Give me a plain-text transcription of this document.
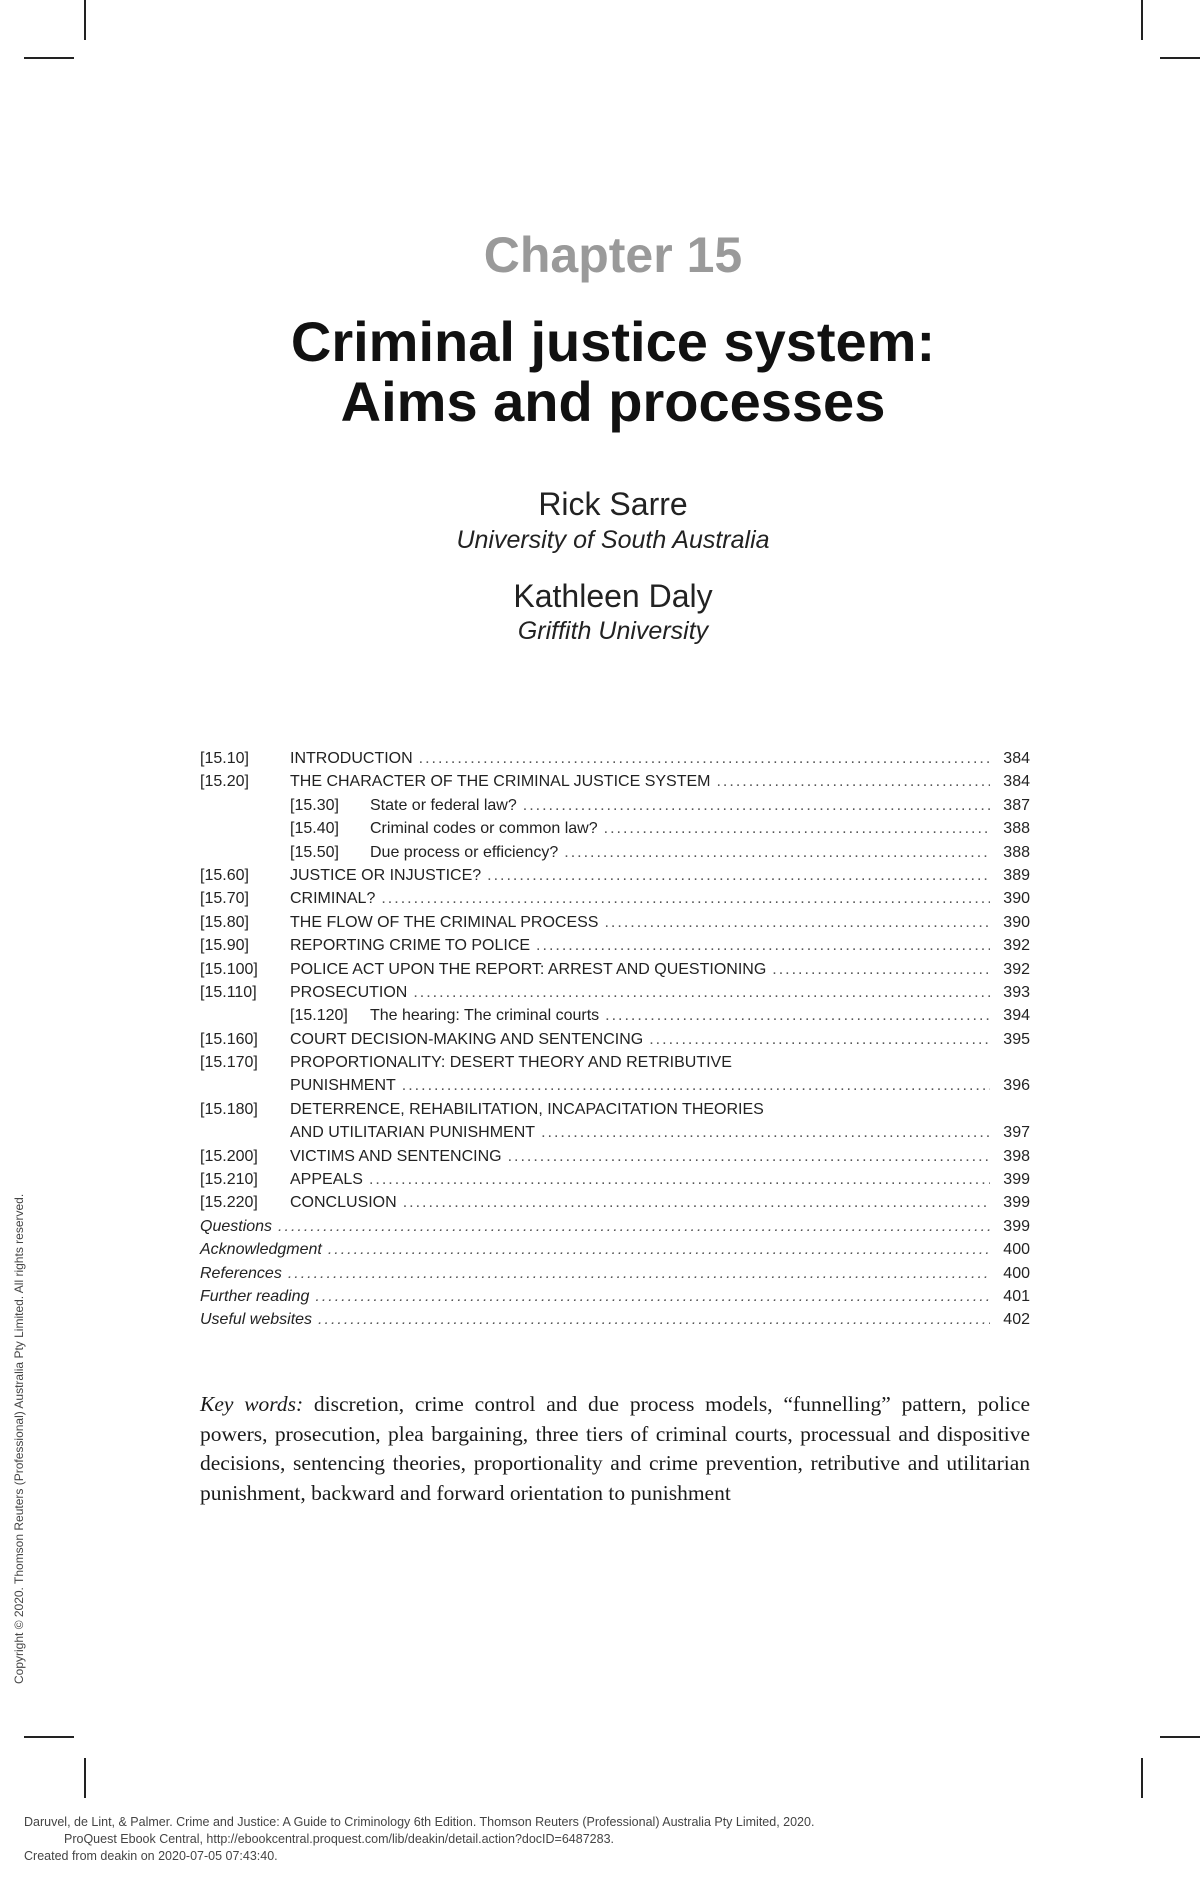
Chapter 15
Criminal justice system:
Aims and processes
Rick Sarre
University of South Australia
Kathleen Daly
Griffith University
[15.10]	INTRODUCTION .....	384
[15.20]	THE CHARACTER OF THE CRIMINAL JUSTICE SYSTEM .....	384
[15.30] State or federal law? .....	387
[15.40] Criminal codes or common law? .....	388
[15.50] Due process or efficiency? .....	388
[15.60]	JUSTICE OR INJUSTICE? .....	389
[15.70]	CRIMINAL? .....	390
[15.80]	THE FLOW OF THE CRIMINAL PROCESS .....	390
[15.90]	REPORTING CRIME TO POLICE .....	392
[15.100] POLICE ACT UPON THE REPORT: ARREST AND QUESTIONING .....	392
[15.110] PROSECUTION .....	393
[15.120] The hearing: The criminal courts .....	394
[15.160] COURT DECISION-MAKING AND SENTENCING .....	395
[15.170] PROPORTIONALITY: DESERT THEORY AND RETRIBUTIVE
PUNISHMENT .....	396
[15.180] DETERRENCE, REHABILITATION, INCAPACITATION THEORIES
AND UTILITARIAN PUNISHMENT .....	397
[15.200] VICTIMS AND SENTENCING .....	398
[15.210] APPEALS .....	399
[15.220] CONCLUSION .....	399
Questions .....	399
Acknowledgment .....	400
References .....	400
Further reading .....	401
Useful websites .....	402
Key words: discretion, crime control and due process models, “funnelling” pattern, police powers, prosecution, plea bargaining, three tiers of criminal courts, processual and dispositive decisions, sentencing theories, proportionality and crime prevention, retributive and utilitarian punishment, backward and forward orientation to punishment
Copyright © 2020. Thomson Reuters (Professional) Australia Pty Limited. All rights reserved.
Daruvel, de Lint, & Palmer. Crime and Justice: A Guide to Criminology 6th Edition. Thomson Reuters (Professional) Australia Pty Limited, 2020.
ProQuest Ebook Central, http://ebookcentral.proquest.com/lib/deakin/detail.action?docID=6487283.
Created from deakin on 2020-07-05 07:43:40.
